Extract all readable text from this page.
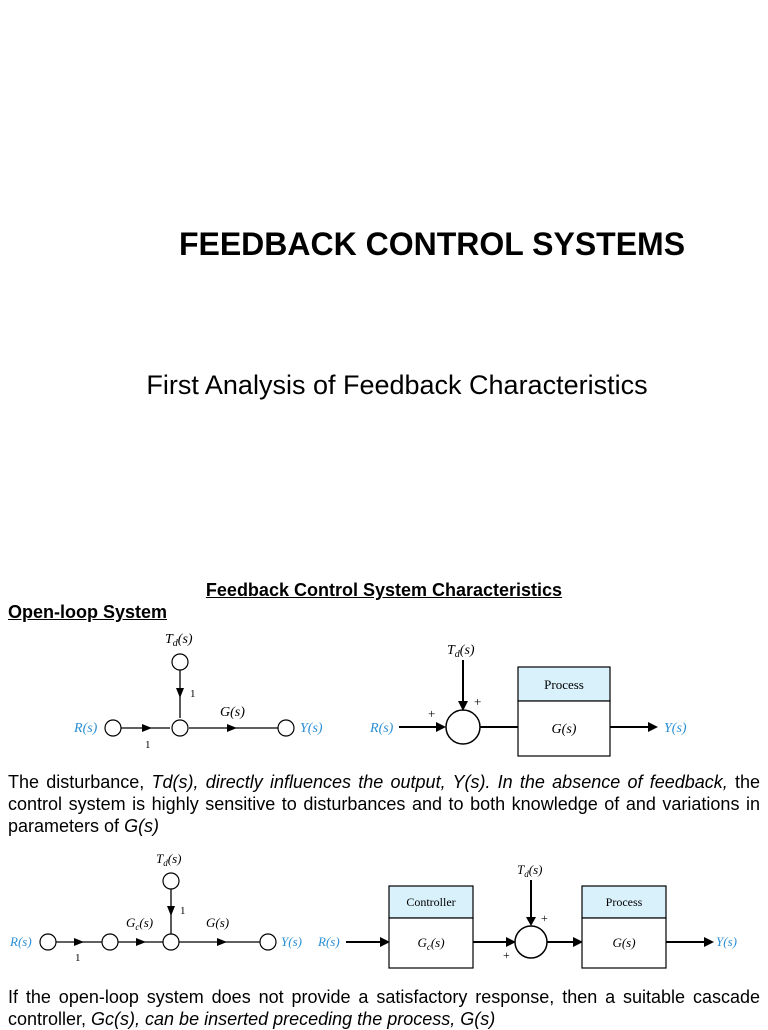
FEEDBACK CONTROL SYSTEMS
First Analysis of Feedback Characteristics
Feedback Control System Characteristics
Open-loop System
$T_d(s)$
1
1
G(s)
R(s)	Y(s)	R(s)
$T_d(s)$
+
+
Process
G(s)	Y(s)
The disturbance, Td(s), directly influences the output, Y(s). In the absence of feedback, the control system is highly sensitive to disturbances and to both knowledge of and variations in parameters of G(s)
$T_d(s)$
1
1
$G_c(s)$	G(s)
R(s)	Y(s) R(s)
Controller
$G_c(s)$
$T_d(s)$
+
+
Process
G(s)	Y(s)
If the open-loop system does not provide a satisfactory response, then a suitable cascade controller, Gc(s), can be inserted preceding the process, G(s)
